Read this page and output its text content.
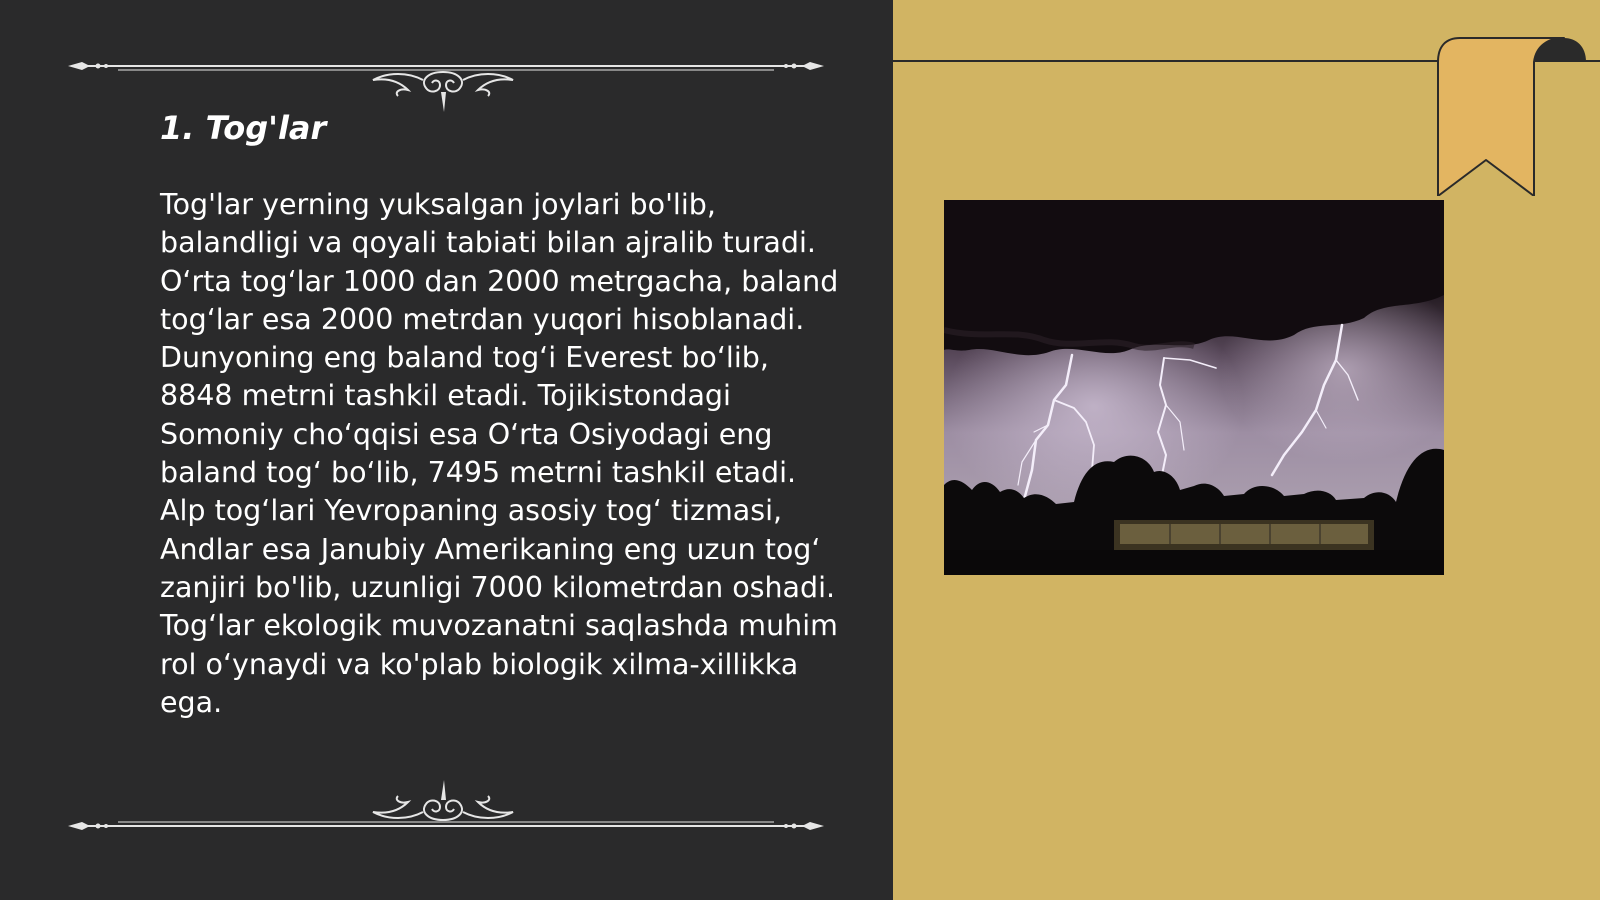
1. Tog'lar

Tog'lar yerning yuksalgan joylari bo'lib, balandligi va qoyali tabiati bilan ajralib turadi. O‘rta tog‘lar 1000 dan 2000 metrgacha, baland tog‘lar esa 2000 metrdan yuqori hisoblanadi. Dunyoning eng baland tog‘i Everest bo‘lib, 8848 metrni tashkil etadi. Tojikistondagi Somoniy cho‘qqisi esa O‘rta Osiyodagi eng baland tog‘ bo‘lib, 7495 metrni tashkil etadi. Alp tog‘lari Yevropaning asosiy tog‘ tizmasi, Andlar esa Janubiy Amerikaning eng uzun tog‘ zanjiri bo'lib, uzunligi 7000 kilometrdan oshadi. Tog‘lar ekologik muvozanatni saqlashda muhim rol o‘ynaydi va ko'plab biologik xilma-xillikka ega.
